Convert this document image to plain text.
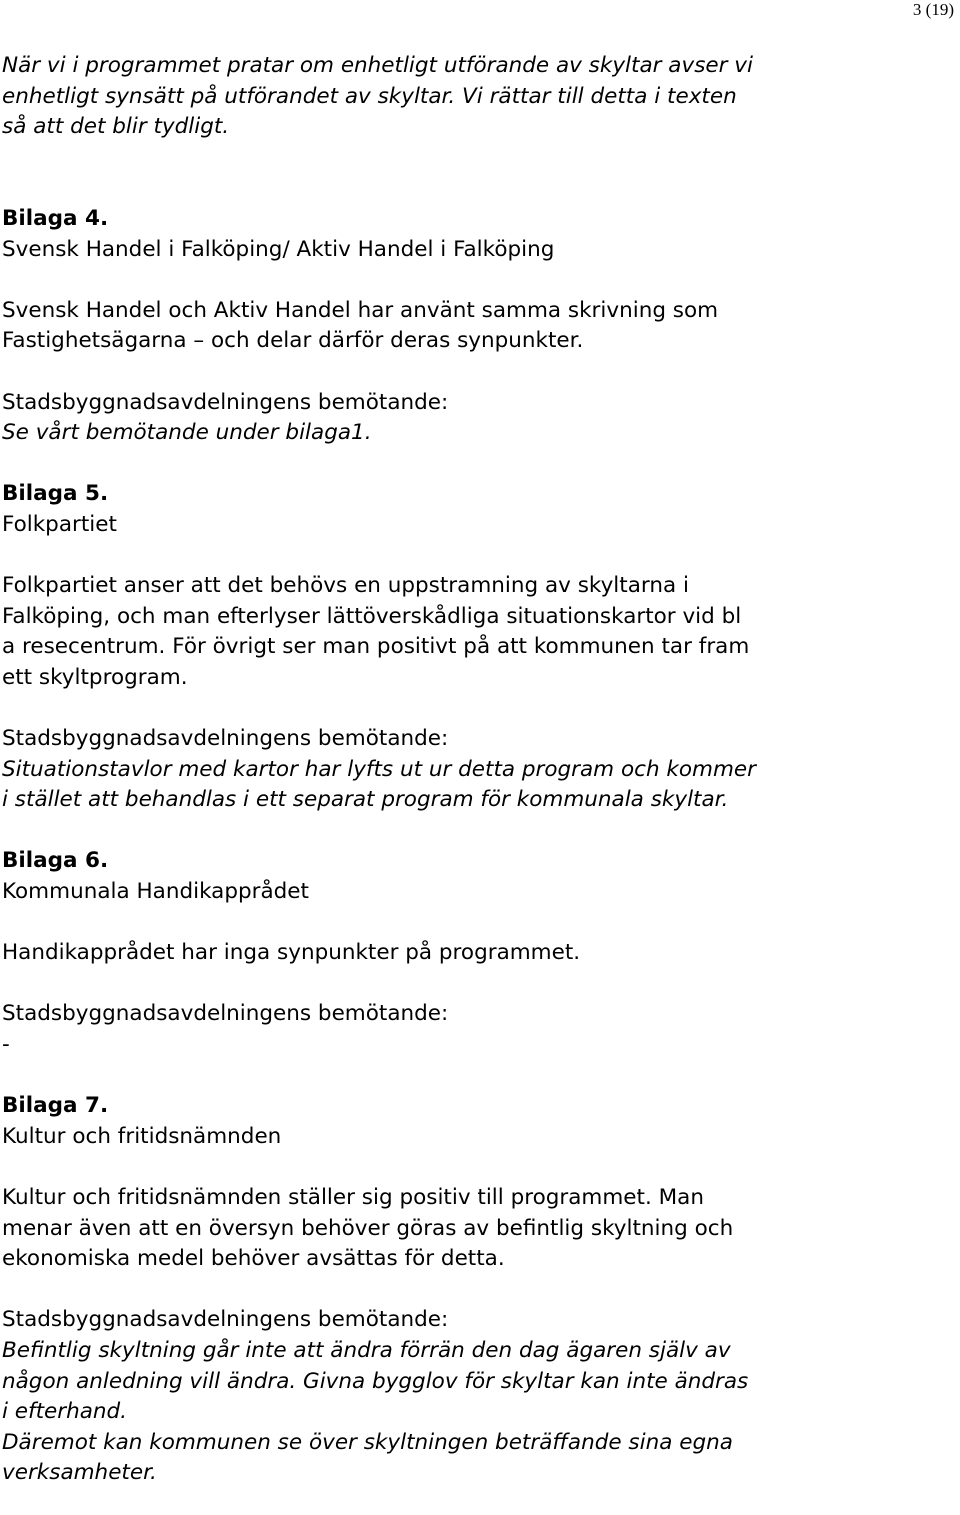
3 (19)
När vi i programmet pratar om enhetligt utförande av skyltar avser vi
enhetligt synsätt på utförandet av skyltar. Vi rättar till detta i texten
så att det blir tydligt.
Bilaga 4.
Svensk Handel i Falköping/ Aktiv Handel i Falköping
Svensk Handel och Aktiv Handel har använt samma skrivning som
Fastighetsägarna – och delar därför deras synpunkter.
Stadsbyggnadsavdelningens bemötande:
Se vårt bemötande under bilaga1.
Bilaga 5.
Folkpartiet
Folkpartiet anser att det behövs en uppstramning av skyltarna i
Falköping, och man efterlyser lättöverskådliga situationskartor vid bl
a resecentrum. För övrigt ser man positivt på att kommunen tar fram
ett skyltprogram.
Stadsbyggnadsavdelningens bemötande:
Situationstavlor med kartor har lyfts ut ur detta program och kommer
i stället att behandlas i ett separat program för kommunala skyltar.
Bilaga 6.
Kommunala Handikapprådet
Handikapprådet har inga synpunkter på programmet.
Stadsbyggnadsavdelningens bemötande:
-
Bilaga 7.
Kultur och fritidsnämnden
Kultur och fritidsnämnden ställer sig positiv till programmet. Man
menar även att en översyn behöver göras av befintlig skyltning och
ekonomiska medel behöver avsättas för detta.
Stadsbyggnadsavdelningens bemötande:
Befintlig skyltning går inte att ändra förrän den dag ägaren själv av
någon anledning vill ändra. Givna bygglov för skyltar kan inte ändras
i efterhand.
Däremot kan kommunen se över skyltningen beträffande sina egna
verksamheter.
